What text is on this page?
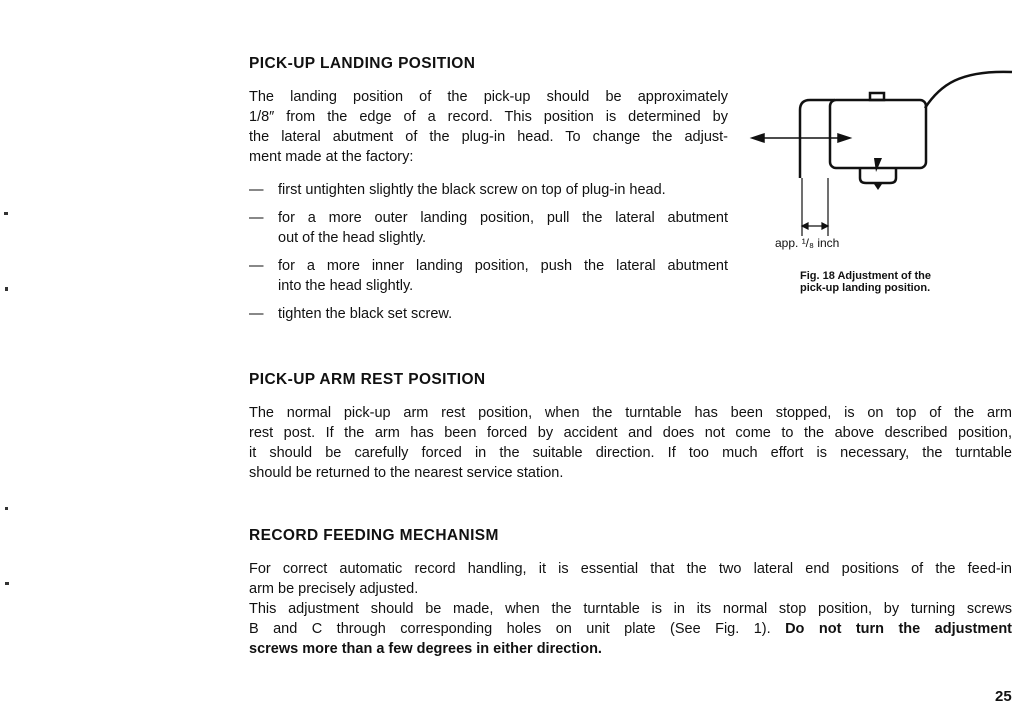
PICK-UP LANDING POSITION

The landing position of the pick-up should be approximately

1/8″ from the edge of a record. This position is determined by

the lateral abutment of the plug-in head. To change the adjust-

ment made at the factory:

— first untighten slightly the black screw on top of plug-in head.
— for a more outer landing position, pull the lateral abutment
out of the head slightly.
— for a more inner landing position, push the lateral abutment
into the head slightly.
— tighten the black set screw.
app. ¹/₈ inch
Fig. 18 Adjustment of the
pick-up landing position.
PICK-UP ARM REST POSITION

The normal pick-up arm rest position, when the turntable has been stopped, is on top of the arm

rest post. If the arm has been forced by accident and does not come to the above described position,

it should be carefully forced in the suitable direction. If too much effort is necessary, the turntable

should be returned to the nearest service station.

RECORD FEEDING MECHANISM

For correct automatic record handling, it is essential that the two lateral end positions of the feed-in

arm be precisely adjusted.

This adjustment should be made, when the turntable is in its normal stop position, by turning screws

B and C through corresponding holes on unit plate (See Fig. 1). Do not turn the adjustment

screws more than a few degrees in either direction.

25
